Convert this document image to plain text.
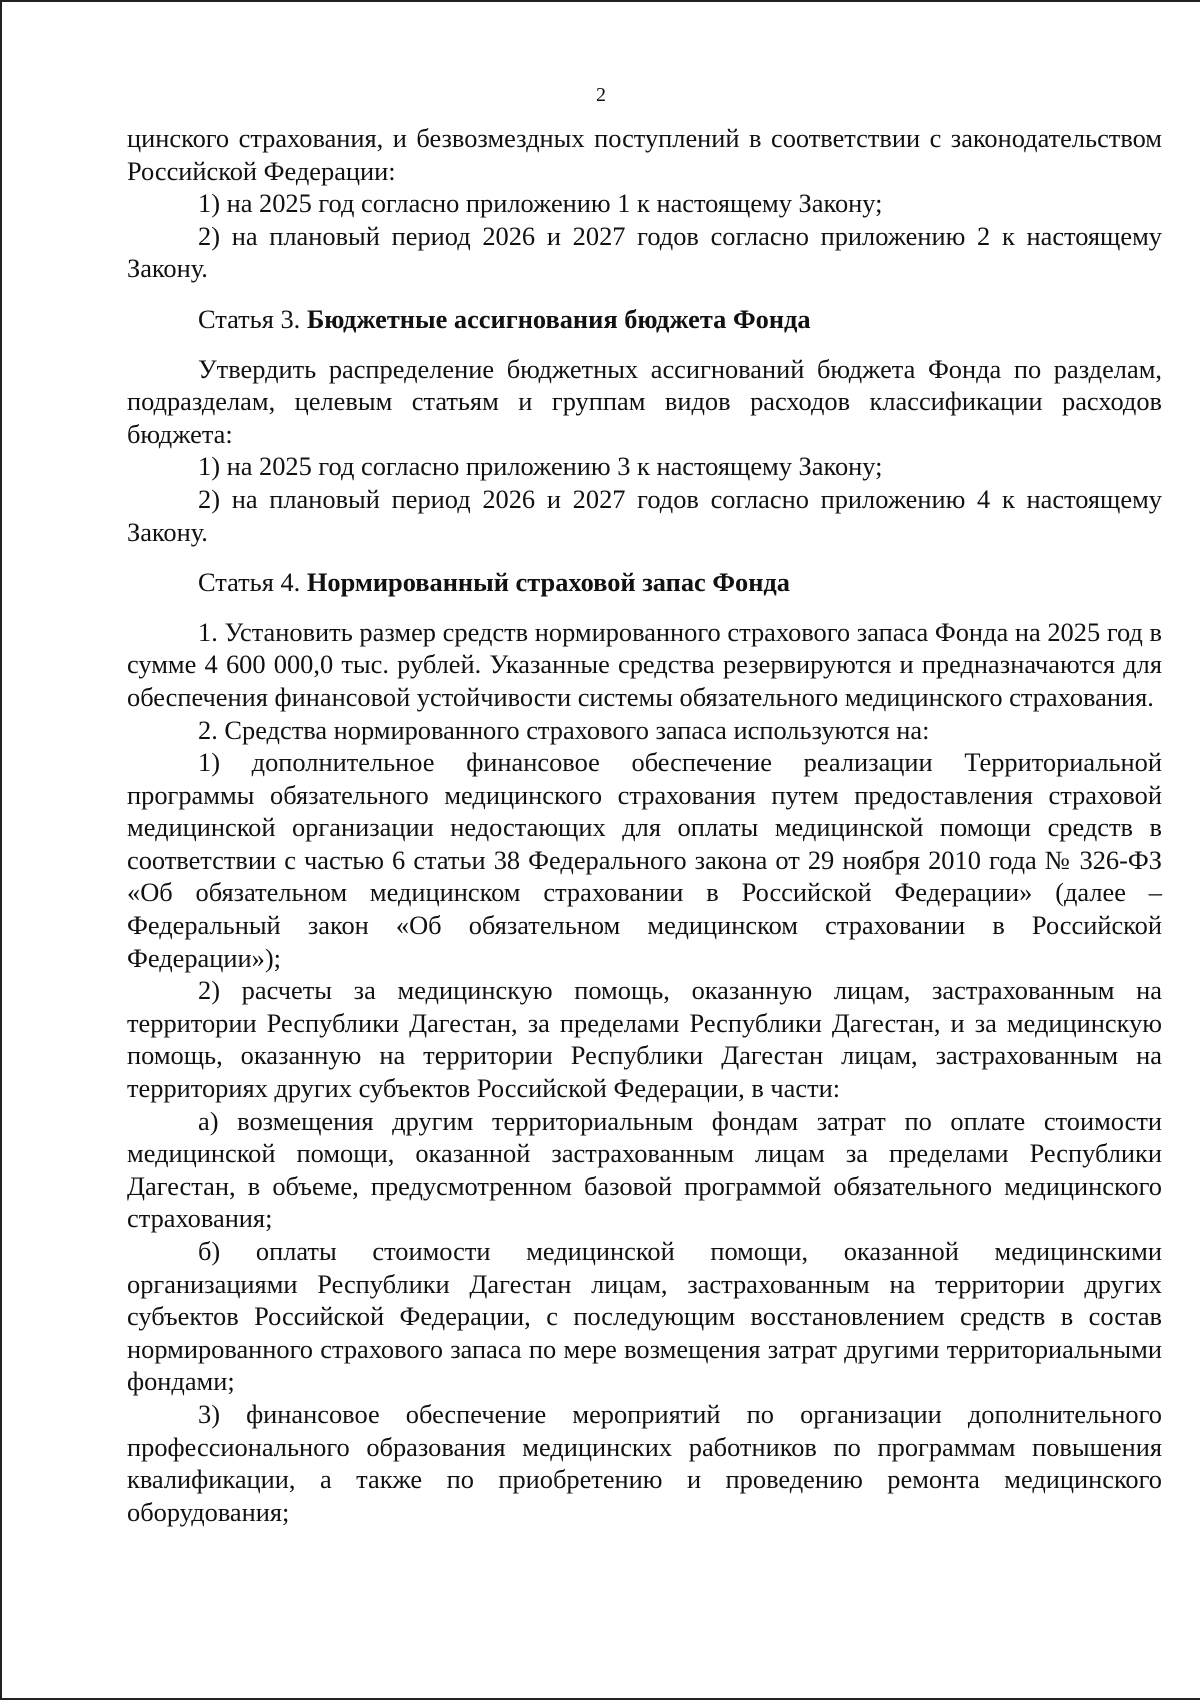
2

цинского страхования, и безвозмездных поступлений в соответствии с законодательством Российской Федерации:

1) на 2025 год согласно приложению 1 к настоящему Закону;

2) на плановый период 2026 и 2027 годов согласно приложению 2 к настоящему Закону.

Статья 3. Бюджетные ассигнования бюджета Фонда

Утвердить распределение бюджетных ассигнований бюджета Фонда по разделам, подразделам, целевым статьям и группам видов расходов классификации расходов бюджета:

1) на 2025 год согласно приложению 3 к настоящему Закону;

2) на плановый период 2026 и 2027 годов согласно приложению 4 к настоящему Закону.

Статья 4. Нормированный страховой запас Фонда

1. Установить размер средств нормированного страхового запаса Фонда на 2025 год в сумме 4 600 000,0 тыс. рублей. Указанные средства резервируются и предназначаются для обеспечения финансовой устойчивости системы обязательного медицинского страхования.

2. Средства нормированного страхового запаса используются на:

1) дополнительное финансовое обеспечение реализации Территориальной программы обязательного медицинского страхования путем предоставления страховой медицинской организации недостающих для оплаты медицинской помощи средств в соответствии с частью 6 статьи 38 Федерального закона от 29 ноября 2010 года № 326-ФЗ «Об обязательном медицинском страховании в Российской Федерации» (далее – Федеральный закон «Об обязательном медицинском страховании в Российской Федерации»);

2) расчеты за медицинскую помощь, оказанную лицам, застрахованным на территории Республики Дагестан, за пределами Республики Дагестан, и за медицинскую помощь, оказанную на территории Республики Дагестан лицам, застрахованным на территориях других субъектов Российской Федерации, в части:

а) возмещения другим территориальным фондам затрат по оплате стоимости медицинской помощи, оказанной застрахованным лицам за пределами Республики Дагестан, в объеме, предусмотренном базовой программой обязательного медицинского страхования;

б) оплаты стоимости медицинской помощи, оказанной медицинскими организациями Республики Дагестан лицам, застрахованным на территории других субъектов Российской Федерации, с последующим восстановлением средств в состав нормированного страхового запаса по мере возмещения затрат другими территориальными фондами;

3) финансовое обеспечение мероприятий по организации дополнительного профессионального образования медицинских работников по программам повышения квалификации, а также по приобретению и проведению ремонта медицинского оборудования;
